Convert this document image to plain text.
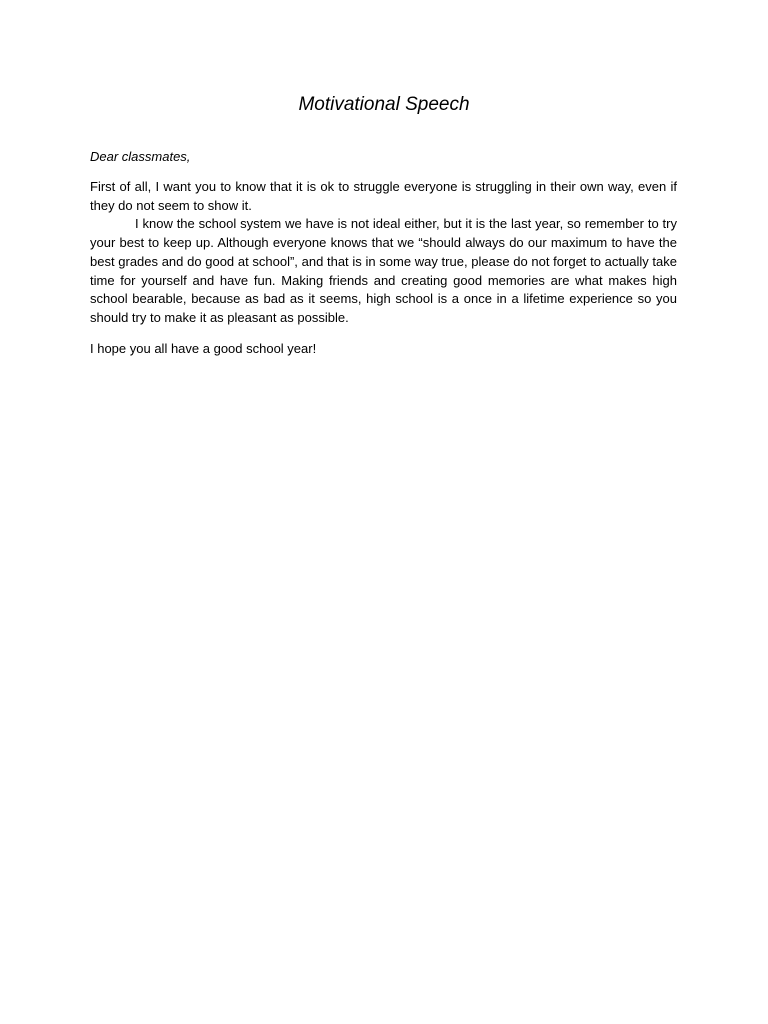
Motivational Speech
Dear classmates,
First of all, I want you to know that it is ok to struggle everyone is struggling in their own way, even if they do not seem to show it.
I know the school system we have is not ideal either, but it is the last year, so remember to try your best to keep up. Although everyone knows that we “should always do our maximum to have the best grades and do good at school”, and that is in some way true, please do not forget to actually take time for yourself and have fun. Making friends and creating good memories are what makes high school bearable, because as bad as it seems, high school is a once in a lifetime experience so you should try to make it as pleasant as possible.
I hope you all have a good school year!
